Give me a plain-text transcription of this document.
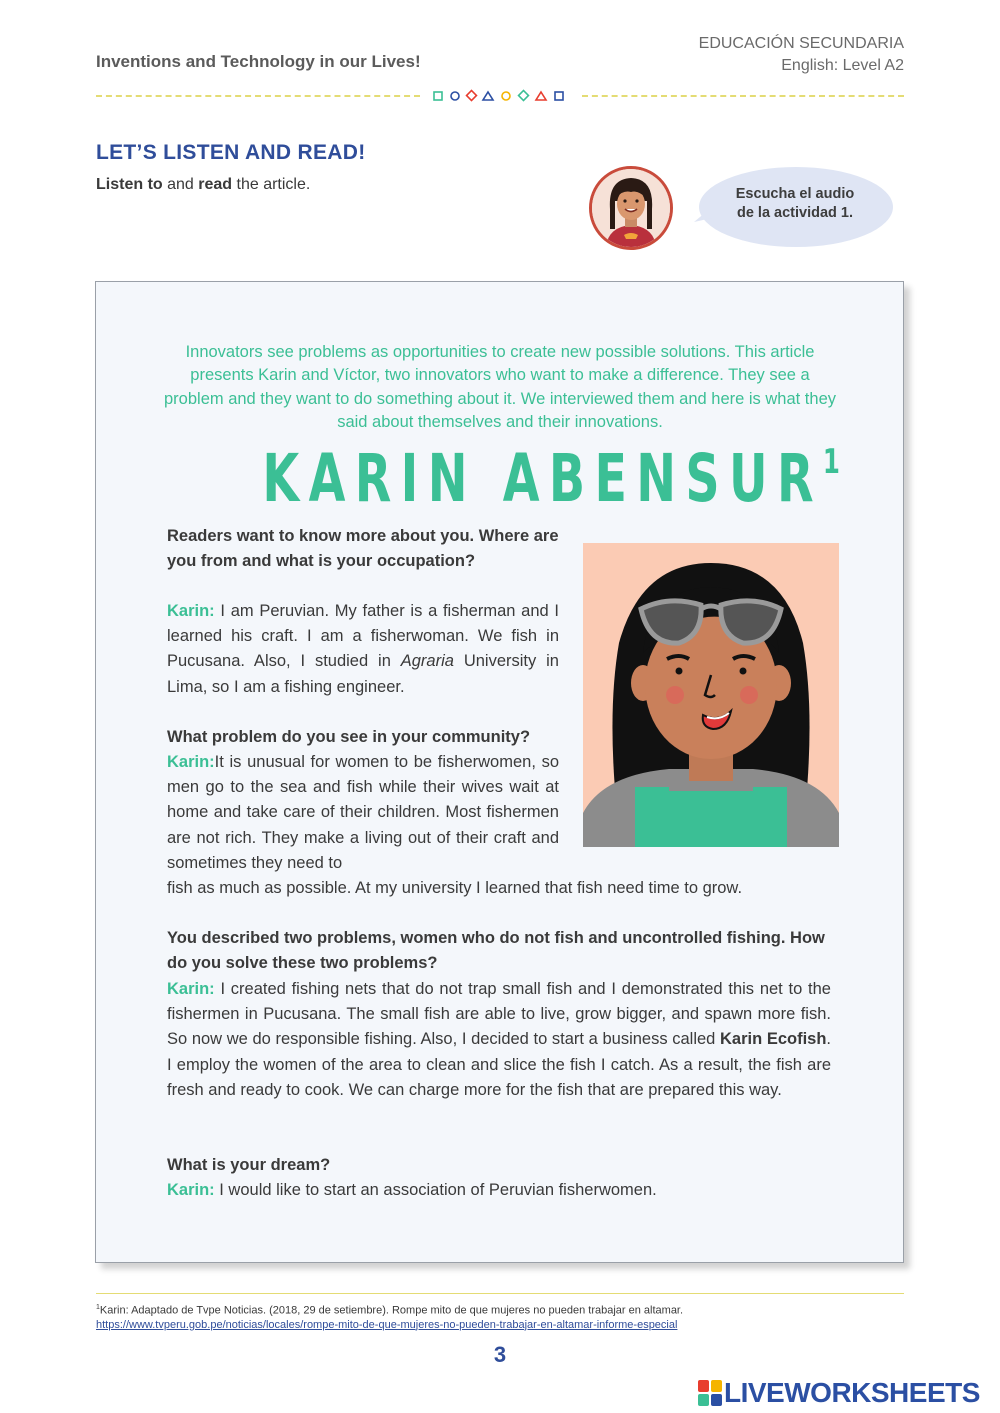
Inventions and Technology in our Lives!
EDUCACIÓN SECUNDARIA
English: Level A2
LET’S LISTEN AND READ!
Listen to and read the article.
Escucha el audio
de la actividad 1.
Innovators see problems as opportunities to create new possible solutions. This article presents Karin and Víctor, two innovators who want to make a difference. They see a problem and they want to do something about it. We interviewed them and here is what they said about themselves and their innovations.
KARIN ABENSUR$^1$
Readers want to know more about you. Where are you from and what is your occupation?
Karin: I am Peruvian. My father is a fisherman and I learned his craft. I am a fisherwoman. We fish in Pucusana. Also, I studied in Agraria University in Lima, so I am a fishing engineer.
What problem do you see in your community?
Karin:It is unusual for women to be fisherwomen, so men go to the sea and fish while their wives wait at home and take care of their children. Most fishermen are not rich. They make a living out of their craft and sometimes they need to
fish as much as possible. At my university I learned that fish need time to grow.
You described two problems, women who do not fish and uncontrolled fishing. How do you solve these two problems?
Karin: I created fishing nets that do not trap small fish and I demonstrated this net to the fishermen in Pucusana. The small fish are able to live, grow bigger, and spawn more fish. So now we do responsible fishing. Also, I decided to start a business called Karin Ecofish. I employ the women of the area to clean and slice the fish I catch. As a result, the fish are fresh and ready to cook. We can charge more for the fish that are prepared this way.
What is your dream?
Karin: I would like to start an association of Peruvian fisherwomen.
$^1$Karin: Adaptado de Tvpe Noticias. (2018, 29 de setiembre). Rompe mito de que mujeres no pueden trabajar en altamar.
https://www.tvperu.gob.pe/noticias/locales/rompe-mito-de-que-mujeres-no-pueden-trabajar-en-altamar-informe-especial
3
LIVEWORKSHEETS
